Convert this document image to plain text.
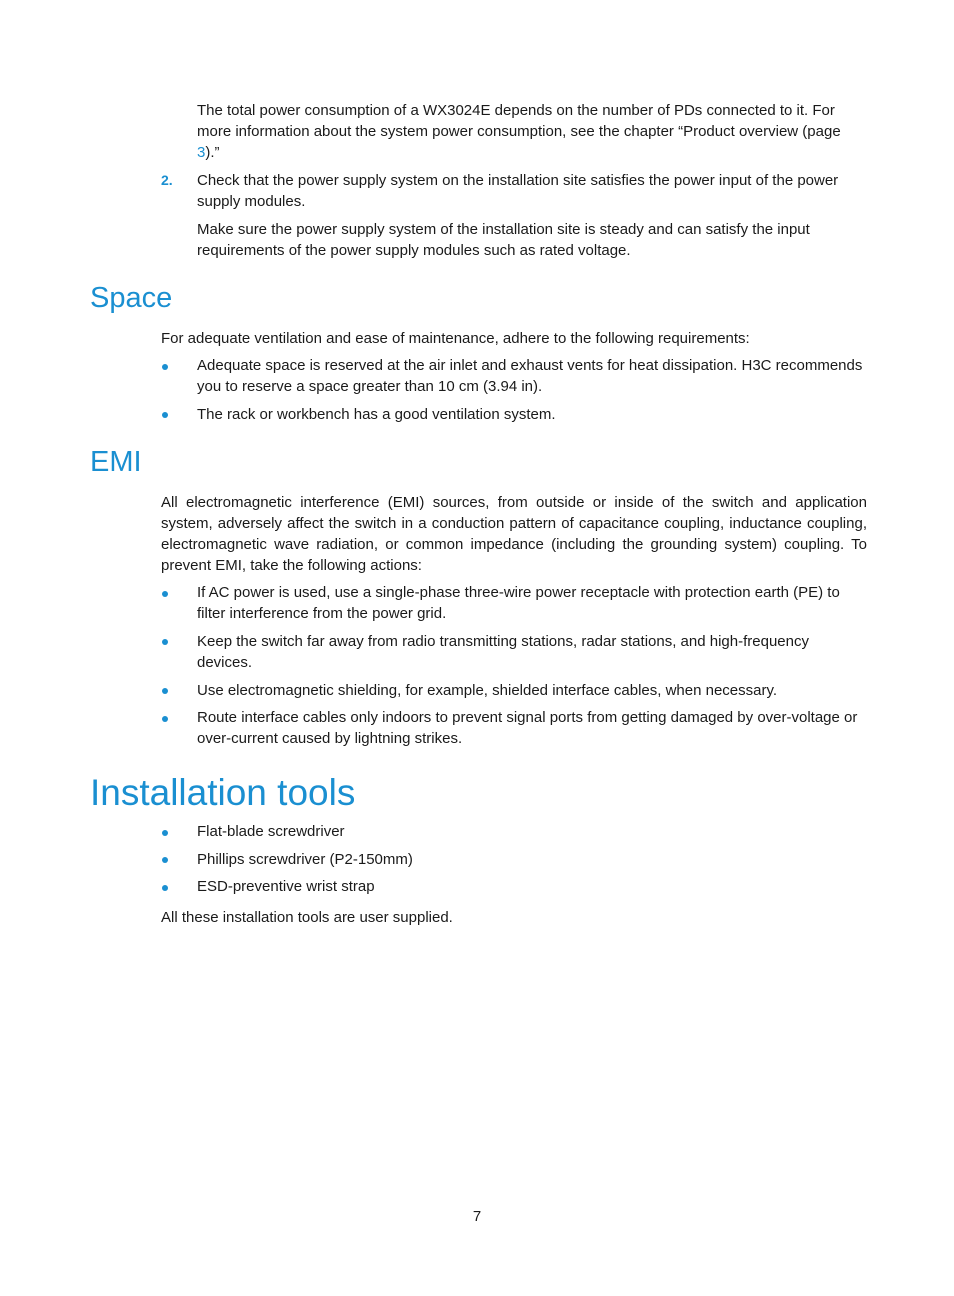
The total power consumption of a WX3024E depends on the number of PDs connected to it. For more information about the system power consumption, see the chapter “Product overview (page 3).”

2. Check that the power supply system on the installation site satisfies the power input of the power supply modules.

Make sure the power supply system of the installation site is steady and can satisfy the input requirements of the power supply modules such as rated voltage.

Space

For adequate ventilation and ease of maintenance, adhere to the following requirements:

Adequate space is reserved at the air inlet and exhaust vents for heat dissipation. H3C recommends you to reserve a space greater than 10 cm (3.94 in).

The rack or workbench has a good ventilation system.

EMI

All electromagnetic interference (EMI) sources, from outside or inside of the switch and application system, adversely affect the switch in a conduction pattern of capacitance coupling, inductance coupling, electromagnetic wave radiation, or common impedance (including the grounding system) coupling. To prevent EMI, take the following actions:

If AC power is used, use a single-phase three-wire power receptacle with protection earth (PE) to filter interference from the power grid.

Keep the switch far away from radio transmitting stations, radar stations, and high-frequency devices.

Use electromagnetic shielding, for example, shielded interface cables, when necessary.

Route interface cables only indoors to prevent signal ports from getting damaged by over-voltage or over-current caused by lightning strikes.

Installation tools

Flat-blade screwdriver

Phillips screwdriver (P2-150mm)

ESD-preventive wrist strap

All these installation tools are user supplied.

7
